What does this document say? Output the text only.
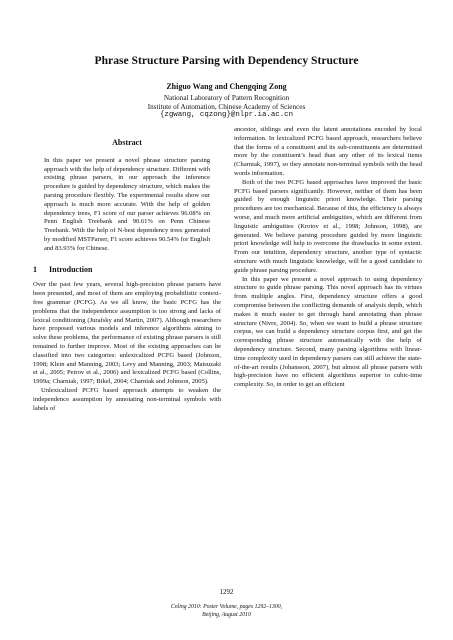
Phrase Structure Parsing with Dependency Structure
Zhiguo Wang and Chengqing Zong
National Laboratory of Pattern Recognition
Institute of Automation, Chinese Academy of Sciences
{zgwang, cqzong}@nlpr.ia.ac.cn
Abstract

In this paper we present a novel phrase structure parsing approach with the help of dependency structure. Different with existing phrase parsers, in our approach the inference procedure is guided by dependency structure, which makes the parsing procedure flexibly. The experimental results show our approach is much more accurate. With the help of golden dependency trees, F1 score of our parser achieves 96.08% on Penn English Treebank and 90.61% on Penn Chinese Treebank. With the help of N-best dependency trees generated by modified MSTParser, F1 score achieves 90.54% for English and 83.93% for Chinese.

1 Introduction

Over the past few years, several high-precision phrase parsers have been presented, and most of them are employing probabilistic context-free grammar (PCFG). As we all know, the basic PCFG has the problems that the independence assumption is too strong and lacks of lexical conditioning (Jurafsky and Martin, 2007). Although researchers have proposed various models and inference algorithms aiming to solve these problems, the performance of existing phrase parsers is still remained to further improve. Most of the existing approaches can be classified into two categories: unlexicalized PCFG based (Johnson, 1998; Klein and Manning, 2003; Levy and Manning, 2003; Matsuzaki et al., 2005; Petrov et al., 2006) and lexicalized PCFG based (Collins, 1999a; Charniak, 1997; Bikel, 2004; Charniak and Johnson, 2005).

Unlexicalized PCFG based approach attempts to weaken the independence assumption by annotating non-terminal symbols with labels of

ancestor, siblings and even the latent annotations encoded by local information. In lexicalized PCFG based approach, researchers believe that the forms of a constituent and its sub-constituents are determined more by the constituent’s head than any other of its lexical items (Charniak, 1997), so they annotate non-terminal symbols with the head words information.

Both of the two PCFG based approaches have improved the basic PCFG based parsers significantly. However, neither of them has been guided by enough linguistic priori knowledge. Their parsing procedures are too mechanical. Because of this, the efficiency is always worse, and much more artificial ambiguities, which are different from linguistic ambiguities (Krotov et al., 1998; Johnson, 1998), are generated. We believe parsing procedure guided by more linguistic priori knowledge will help to overcome the drawbacks in some extent. From our intuition, dependency structure, another type of syntactic structure with much linguistic knowledge, will be a good candidate to guide phrase parsing procedure.

In this paper we present a novel approach to using dependency structure to guide phrase parsing. This novel approach has its virtues from multiple angles. First, dependency structure offers a good compromise between the conflicting demands of analysis depth, which makes it much easier to get through hand annotating than phrase structure (Nivre, 2004). So, when we want to build a phrase structure corpus, we can build a dependency structure corpus first, and get the corresponding phrase structure automatically with the help of dependency structure. Second, many parsing algorithms with linear-time complexity used in dependency parsers can still achieve the state-of-the-art results (Johansson, 2007), but almost all phrase parsers with high-precision have no efficient algorithms superior to cubic-time complexity. So, in order to get an efficient

1292
Coling 2010: Poster Volume, pages 1292–1300,
Beijing, August 2010
